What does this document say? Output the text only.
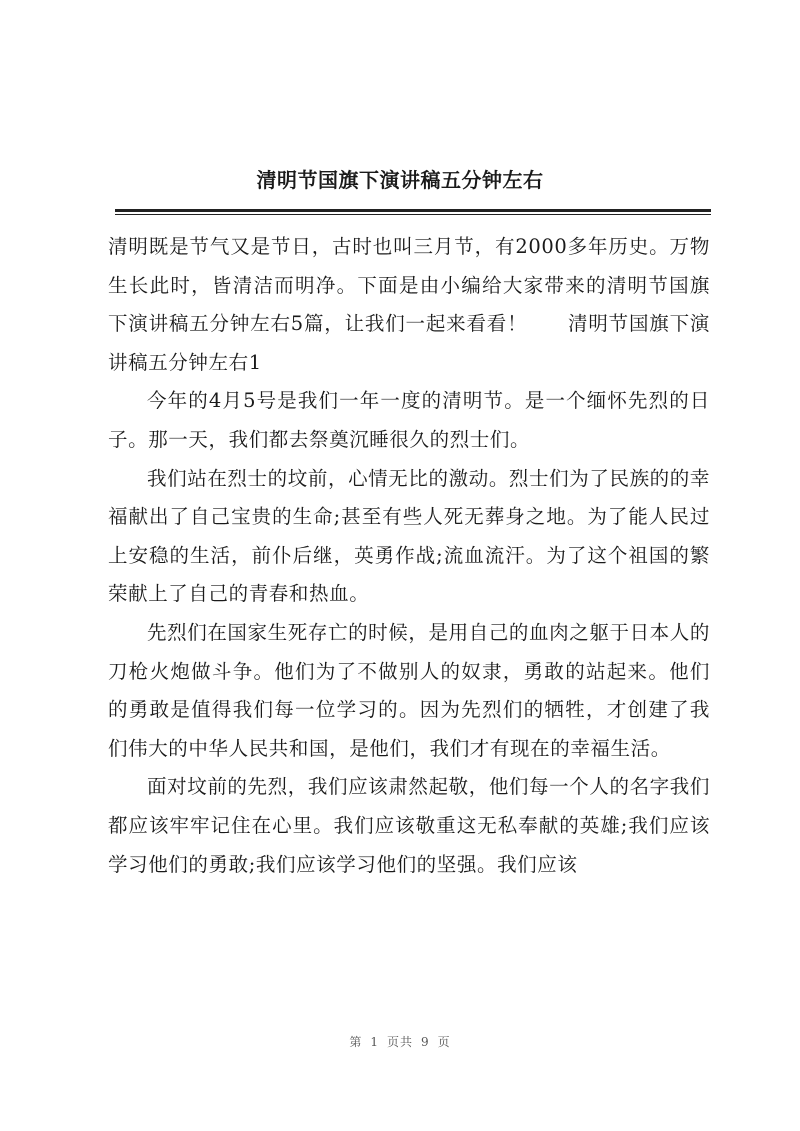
清明节国旗下演讲稿五分钟左右

清明既是节气又是节日，古时也叫三月节，有2000多年历史。万物生长此时，皆清洁而明净。下面是由小编给大家带来的清明节国旗下演讲稿五分钟左右5篇，让我们一起来看看！　　清明节国旗下演讲稿五分钟左右1

今年的4月5号是我们一年一度的清明节。是一个缅怀先烈的日子。那一天，我们都去祭奠沉睡很久的烈士们。

我们站在烈士的坟前，心情无比的激动。烈士们为了民族的的幸福献出了自己宝贵的生命;甚至有些人死无葬身之地。为了能人民过上安稳的生活，前仆后继，英勇作战;流血流汗。为了这个祖国的繁荣献上了自己的青春和热血。

先烈们在国家生死存亡的时候，是用自己的血肉之躯于日本人的刀枪火炮做斗争。他们为了不做别人的奴隶，勇敢的站起来。他们的勇敢是值得我们每一位学习的。因为先烈们的牺牲，才创建了我们伟大的中华人民共和国，是他们，我们才有现在的幸福生活。

面对坟前的先烈，我们应该肃然起敬，他们每一个人的名字我们都应该牢牢记住在心里。我们应该敬重这无私奉献的英雄;我们应该学习他们的勇敢;我们应该学习他们的坚强。我们应该

第 1 页共 9 页
